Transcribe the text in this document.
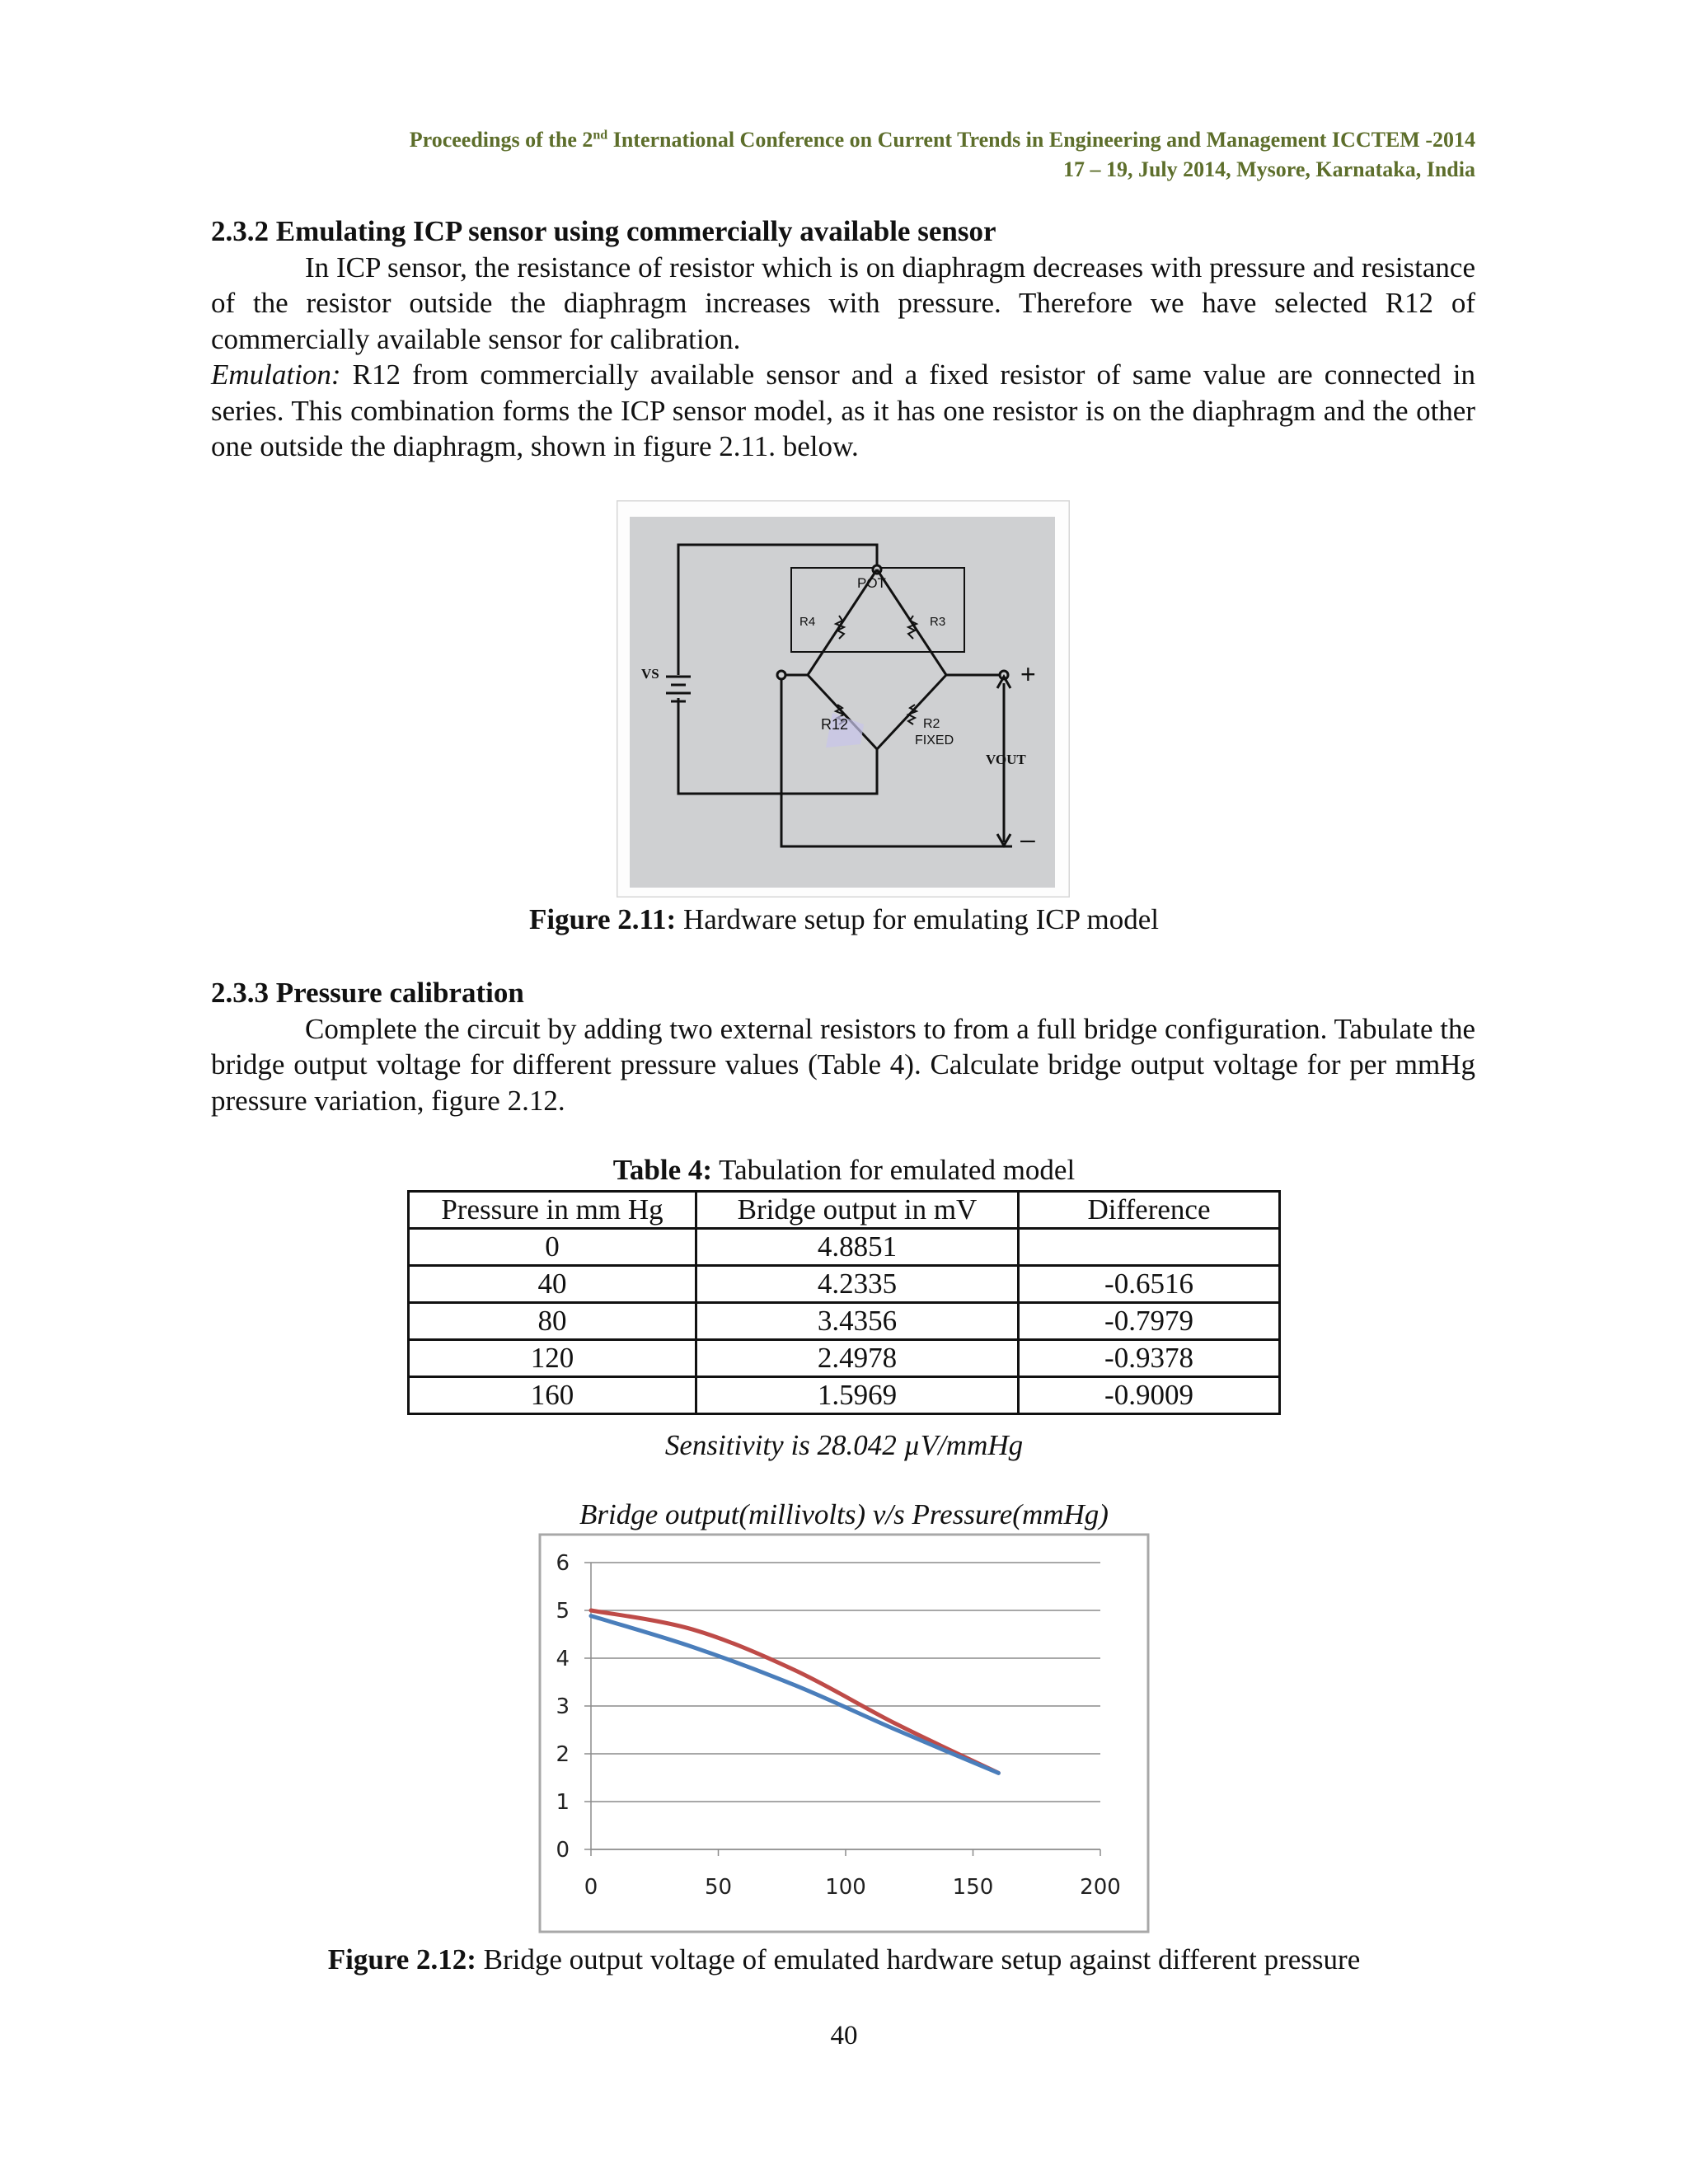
Proceedings of the 2nd International Conference on Current Trends in Engineering and Management ICCTEM -2014
17 – 19, July 2014, Mysore, Karnataka, India
2.3.2 Emulating ICP sensor using commercially available sensor
In ICP sensor, the resistance of resistor which is on diaphragm decreases with pressure and resistance of the resistor outside the diaphragm increases with pressure. Therefore we have selected R12 of commercially available sensor for calibration.
Emulation: R12 from commercially available sensor and a fixed resistor of same value are connected in series. This combination forms the ICP sensor model, as it has one resistor is on the diaphragm and the other one outside the diaphragm, shown in figure 2.11. below.
POT
R4	R3
VS
R12	R2
FIXED
VOUT
+
–
Figure 2.11: Hardware setup for emulating ICP model
2.3.3 Pressure calibration
Complete the circuit by adding two external resistors to from a full bridge configuration. Tabulate the bridge output voltage for different pressure values (Table 4). Calculate bridge output voltage for per mmHg pressure variation, figure 2.12.
Table 4: Tabulation for emulated model
Pressure in mm Hg	Bridge output in mV	Difference
0	4.8851	
40	4.2335	-0.6516
80	3.4356	-0.7979
120	2.4978	-0.9378
160	1.5969	-0.9009
Sensitivity is 28.042 µV/mmHg
Bridge output(millivolts) v/s Pressure(mmHg)
0
1
2
3
4
5
6
0	50	100	150	200
Figure 2.12: Bridge output voltage of emulated hardware setup against different pressure
40
